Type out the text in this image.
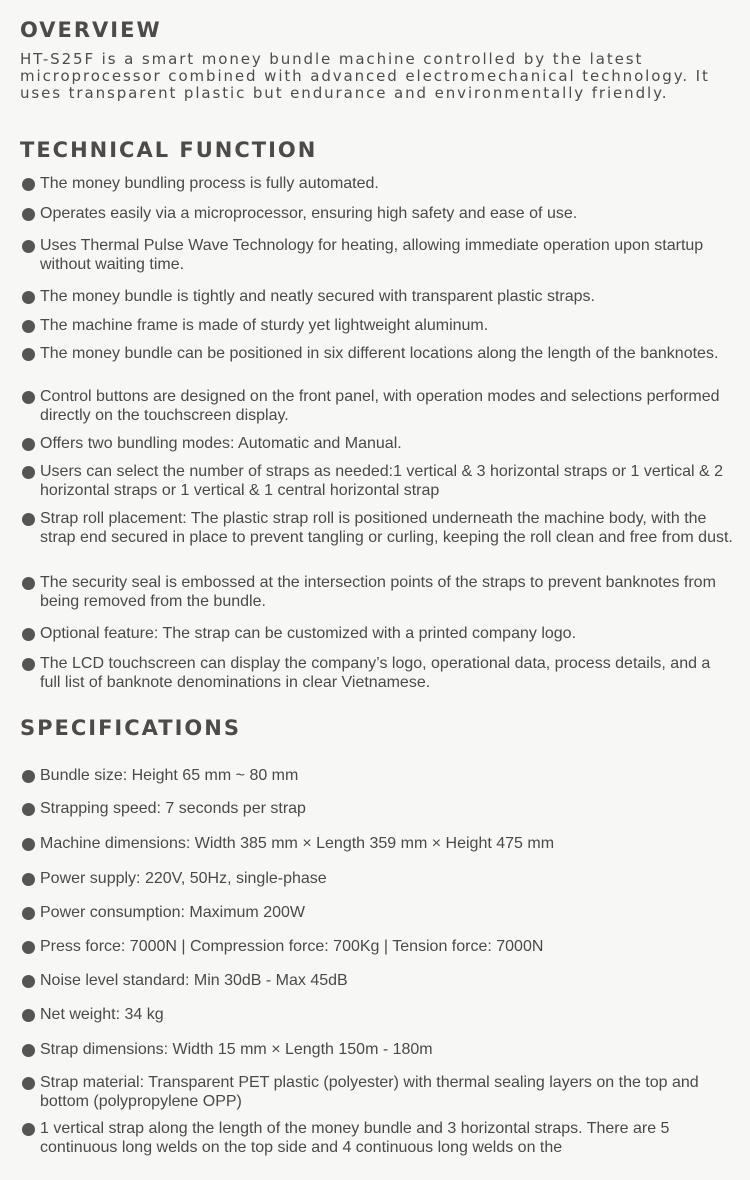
OVERVIEW

HT-S25F is a smart money bundle machine controlled by the latest microprocessor combined with advanced electromechanical technology. It uses transparent plastic but endurance and environmentally friendly.

TECHNICAL FUNCTION
The money bundling process is fully automated.
Operates easily via a microprocessor, ensuring high safety and ease of use.
Uses Thermal Pulse Wave Technology for heating, allowing immediate operation upon startup without waiting time.
The money bundle is tightly and neatly secured with transparent plastic straps.
The machine frame is made of sturdy yet lightweight aluminum.
The money bundle can be positioned in six different locations along the length of the banknotes.
Control buttons are designed on the front panel, with operation modes and selections performed directly on the touchscreen display.
Offers two bundling modes: Automatic and Manual.
Users can select the number of straps as needed:1 vertical & 3 horizontal straps or 1 vertical & 2 horizontal straps or 1 vertical & 1 central horizontal strap
Strap roll placement: The plastic strap roll is positioned underneath the machine body, with the strap end secured in place to prevent tangling or curling, keeping the roll clean and free from dust.
The security seal is embossed at the intersection points of the straps to prevent banknotes from being removed from the bundle.
Optional feature: The strap can be customized with a printed company logo.
The LCD touchscreen can display the company’s logo, operational data, process details, and a full list of banknote denominations in clear Vietnamese.
SPECIFICATIONS
Bundle size: Height 65 mm ~ 80 mm
Strapping speed: 7 seconds per strap
Machine dimensions: Width 385 mm × Length 359 mm × Height 475 mm
Power supply: 220V, 50Hz, single-phase
Power consumption: Maximum 200W
Press force: 7000N | Compression force: 700Kg | Tension force: 7000N
Noise level standard: Min 30dB - Max 45dB
Net weight: 34 kg
Strap dimensions: Width 15 mm × Length 150m - 180m
Strap material: Transparent PET plastic (polyester) with thermal sealing layers on the top and bottom (polypropylene OPP)
1 vertical strap along the length of the money bundle and 3 horizontal straps. There are 5 continuous long welds on the top side and 4 continuous long welds on the
